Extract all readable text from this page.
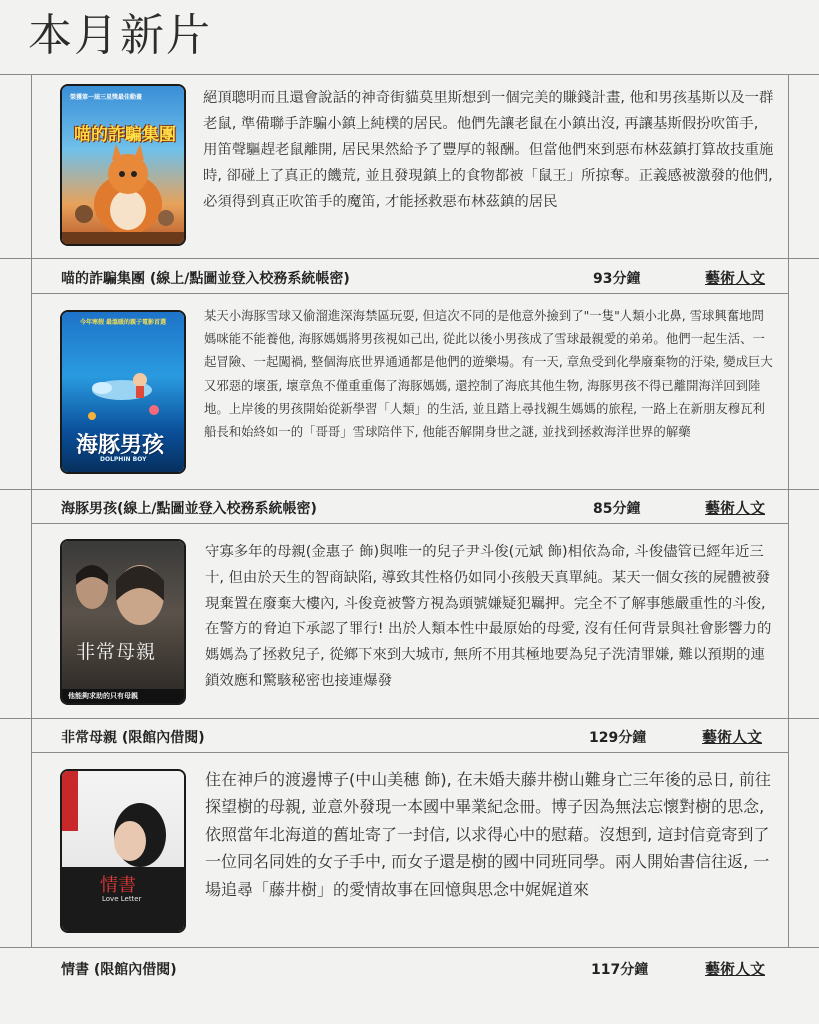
本月新片
榮獲第一屆三星獎最佳動畫
喵的詐騙集團

絕頂聰明而且還會說話的神奇街貓莫里斯想到一個完美的賺錢計畫, 他和男孩基斯以及一群老鼠, 準備聯手詐騙小鎮上純樸的居民。他們先讓老鼠在小鎮出沒, 再讓基斯假扮吹笛手, 用笛聲驅趕老鼠離開, 居民果然給予了豐厚的報酬。但當他們來到惡布林茲鎮打算故技重施時, 卻碰上了真正的饑荒, 並且發現鎮上的食物都被「鼠王」所掠奪。正義感被激發的他們, 必須得到真正吹笛手的魔笛, 才能拯救惡布林茲鎮的居民

喵的詐騙集團 (線上/點圖並登入校務系統帳密)	93分鐘	藝術人文
今年寒假 最溫暖的親子電影首選
海豚男孩
DOLPHIN BOY

某天小海豚雪球又偷溜進深海禁區玩耍, 但這次不同的是他意外撿到了"一隻"人類小北鼻, 雪球興奮地問媽咪能不能養他, 海豚媽媽將男孩視如己出, 從此以後小男孩成了雪球最親愛的弟弟。他們一起生活、一起冒險、一起闖禍, 整個海底世界通通都是他們的遊樂場。有一天, 章魚受到化學廢棄物的汙染, 變成巨大又邪惡的壞蛋, 壞章魚不僅重重傷了海豚媽媽, 還控制了海底其他生物, 海豚男孩不得已離開海洋回到陸地。上岸後的男孩開始從新學習「人類」的生活, 並且踏上尋找親生媽媽的旅程, 一路上在新朋友穆瓦利船長和始終如一的「哥哥」雪球陪伴下, 他能否解開身世之謎, 並找到拯救海洋世界的解藥

海豚男孩(線上/點圖並登入校務系統帳密)	85分鐘	藝術人文
非常母親
他能夠求助的只有母親

守寡多年的母親(金惠子 飾)與唯一的兒子尹斗俊(元斌 飾)相依為命, 斗俊儘管已經年近三十, 但由於天生的智商缺陷, 導致其性格仍如同小孩般天真單純。某天一個女孩的屍體被發現棄置在廢棄大樓內, 斗俊竟被警方視為頭號嫌疑犯羈押。完全不了解事態嚴重性的斗俊, 在警方的脅迫下承認了罪行! 出於人類本性中最原始的母愛, 沒有任何背景與社會影響力的媽媽為了拯救兒子, 從鄉下來到大城市, 無所不用其極地要為兒子洗清罪嫌, 難以預期的連鎖效應和驚駭秘密也接連爆發

非常母親 (限館內借閱)	129分鐘	藝術人文
情書
Love Letter

住在神戶的渡邊博子(中山美穗 飾), 在未婚夫藤井樹山難身亡三年後的忌日, 前往探望樹的母親, 並意外發現一本國中畢業紀念冊。博子因為無法忘懷對樹的思念, 依照當年北海道的舊址寄了一封信, 以求得心中的慰藉。沒想到, 這封信竟寄到了一位同名同姓的女子手中, 而女子還是樹的國中同班同學。兩人開始書信往返, 一場追尋「藤井樹」的愛情故事在回憶與思念中娓娓道來

情書 (限館內借閱)	117分鐘	藝術人文
